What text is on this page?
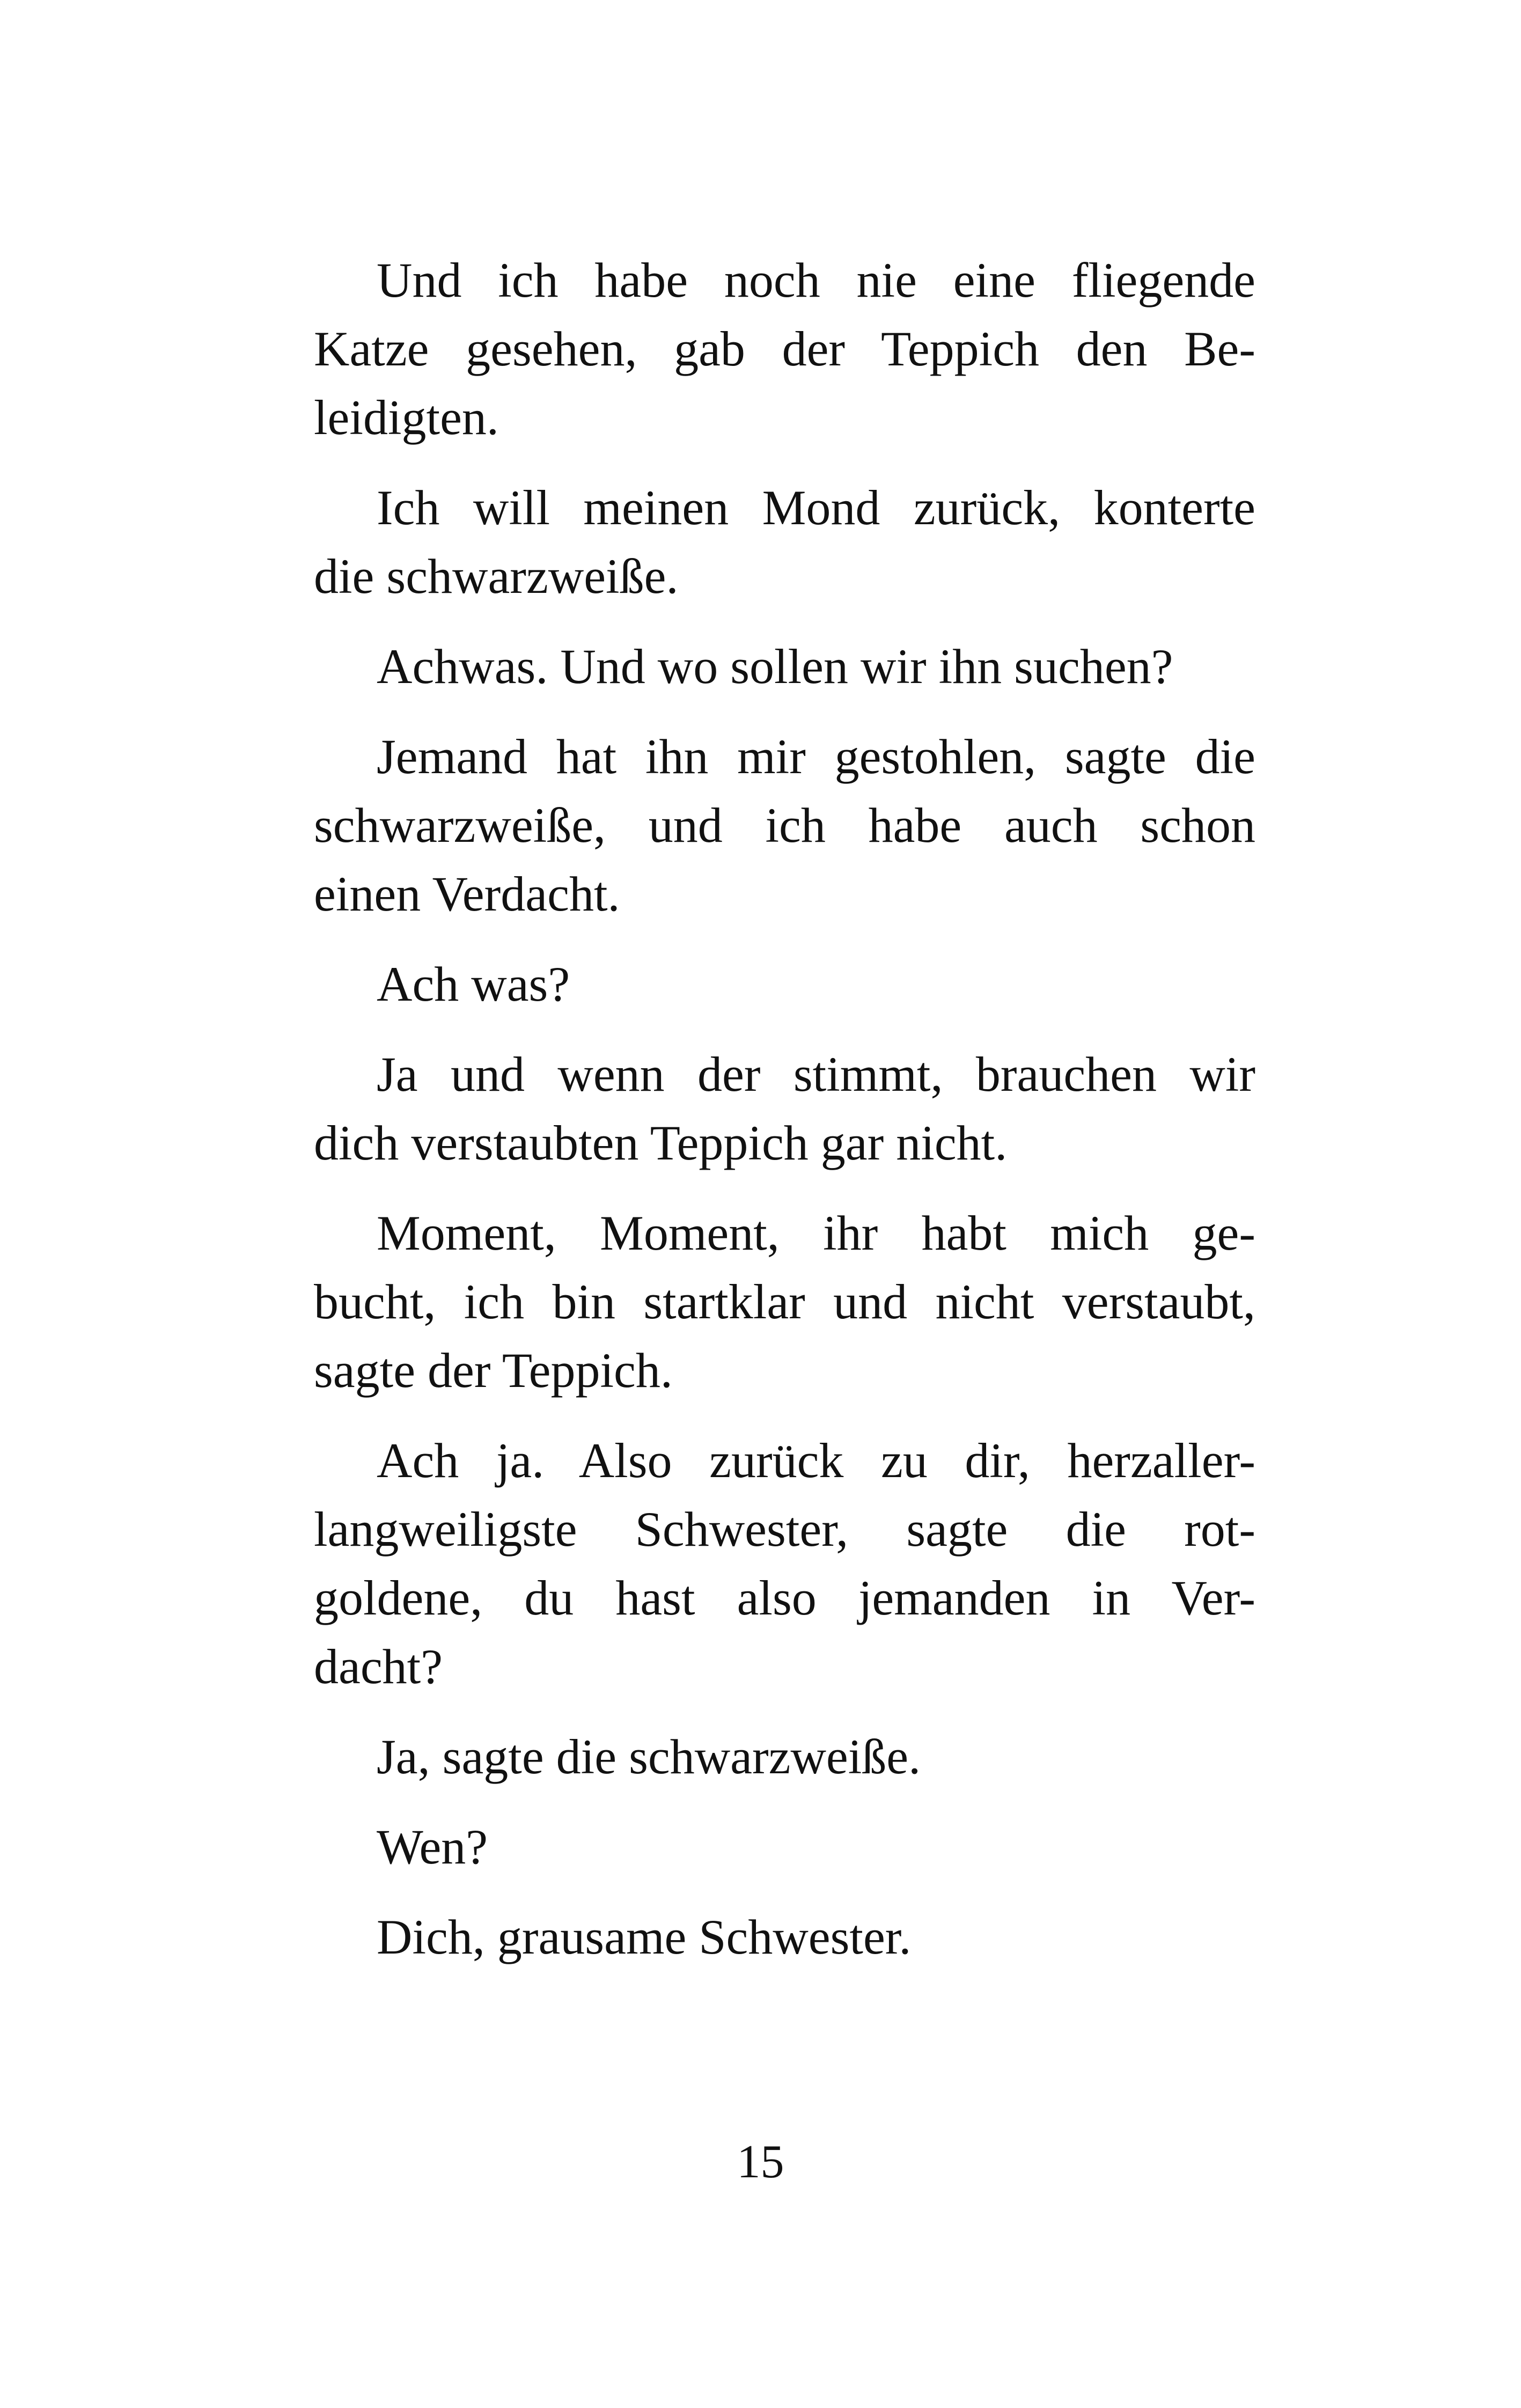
Und ich habe noch nie eine fliegende
Katze gesehen, gab der Teppich den Be-
leidigten.

Ich will meinen Mond zurück, konterte
die schwarzweiße.

Achwas. Und wo sollen wir ihn suchen?

Jemand hat ihn mir gestohlen, sagte die
schwarzweiße, und ich habe auch schon
einen Verdacht.

Ach was?

Ja und wenn der stimmt, brauchen wir
dich verstaubten Teppich gar nicht.

Moment, Moment, ihr habt mich ge-
bucht, ich bin startklar und nicht verstaubt,
sagte der Teppich.

Ach ja. Also zurück zu dir, herzaller-
langweiligste Schwester, sagte die rot-
goldene, du hast also jemanden in Ver-
dacht?

Ja, sagte die schwarzweiße.

Wen?

Dich, grausame Schwester.

15
